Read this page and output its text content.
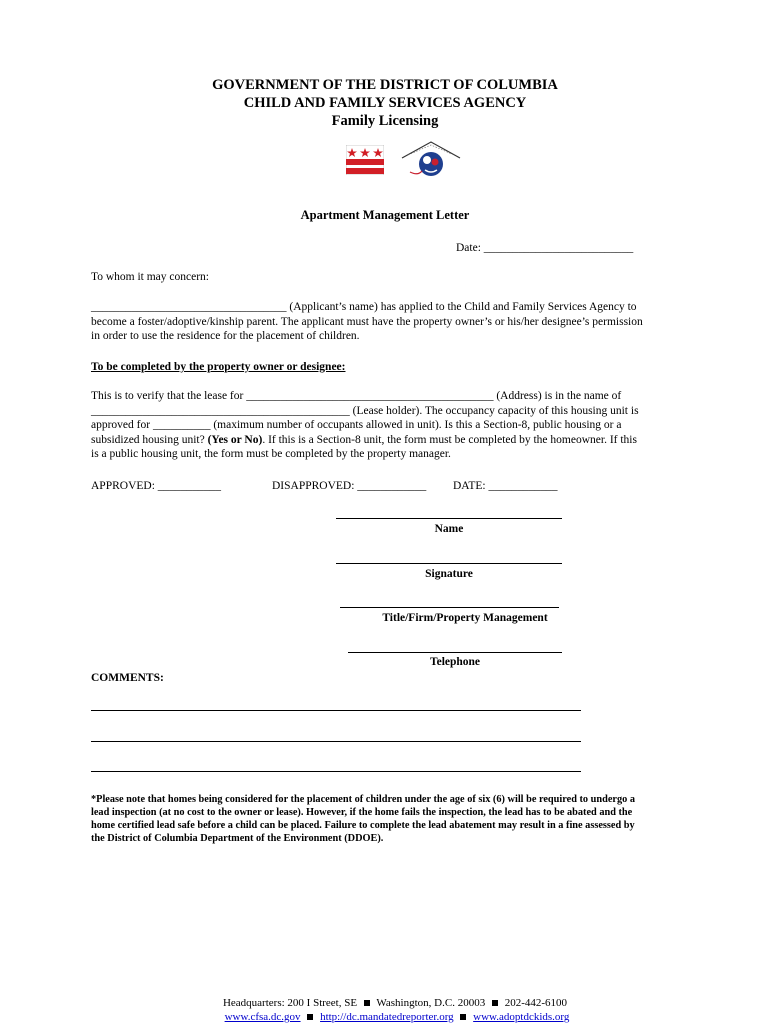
GOVERNMENT OF THE DISTRICT OF COLUMBIA
CHILD AND FAMILY SERVICES AGENCY
Family Licensing
Apartment Management Letter
Date: __________________________
To whom it may concern:
__________________________________ (Applicant’s name) has applied to the Child and Family Services Agency to
become a foster/adoptive/kinship parent. The applicant must have the property owner’s or his/her designee’s permission
in order to use the residence for the placement of children.
To be completed by the property owner or designee:
This is to verify that the lease for ___________________________________________ (Address) is in the name of
_____________________________________________ (Lease holder). The occupancy capacity of this housing unit is
approved for __________ (maximum number of occupants allowed in unit). Is this a Section-8, public housing or a
subsidized housing unit? (Yes or No). If this is a Section-8 unit, the form must be completed by the homeowner. If this
is a public housing unit, the form must be completed by the property manager.
APPROVED: ___________	DISAPPROVED: ____________ DATE: ____________
Name
Signature
Title/Firm/Property Management
Telephone
COMMENTS:
*Please note that homes being considered for the placement of children under the age of six (6) will be required to undergo a
lead inspection (at no cost to the owner or lease). However, if the home fails the inspection, the lead has to be abated and the
home certified lead safe before a child can be placed. Failure to complete the lead abatement may result in a fine assessed by
the District of Columbia Department of the Environment (DDOE).
Headquarters: 200 I Street, SE Washington, D.C. 20003 202-442-6100
www.cfsa.dc.gov http://dc.mandatedreporter.org www.adoptdckids.org
